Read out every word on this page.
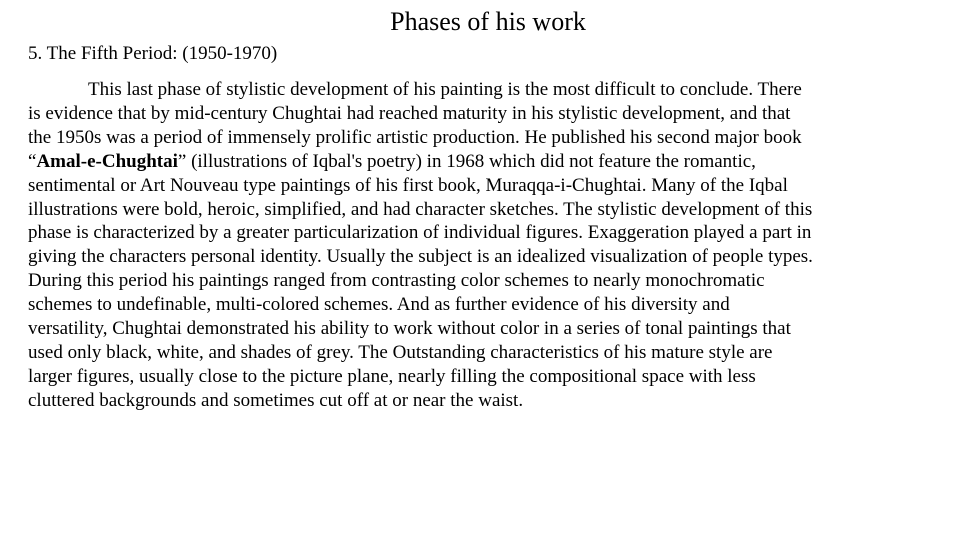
Phases of his work
5. The Fifth Period: (1950-1970)
This last phase of stylistic development of his painting is the most difficult to conclude. There
is evidence that by mid-century Chughtai had reached maturity in his stylistic development, and that
the 1950s was a period of immensely prolific artistic production. He published his second major book
“Amal-e-Chughtai” (illustrations of Iqbal's poetry) in 1968 which did not feature the romantic,
sentimental or Art Nouveau type paintings of his first book, Muraqqa-i-Chughtai. Many of the Iqbal
illustrations were bold, heroic, simplified, and had character sketches. The stylistic development of this
phase is characterized by a greater particularization of individual figures. Exaggeration played a part in
giving the characters personal identity. Usually the subject is an idealized visualization of people types.
During this period his paintings ranged from contrasting color schemes to nearly monochromatic
schemes to undefinable, multi-colored schemes. And as further evidence of his diversity and
versatility, Chughtai demonstrated his ability to work without color in a series of tonal paintings that
used only black, white, and shades of grey. The Outstanding characteristics of his mature style are
larger figures, usually close to the picture plane, nearly filling the compositional space with less
cluttered backgrounds and sometimes cut off at or near the waist.
